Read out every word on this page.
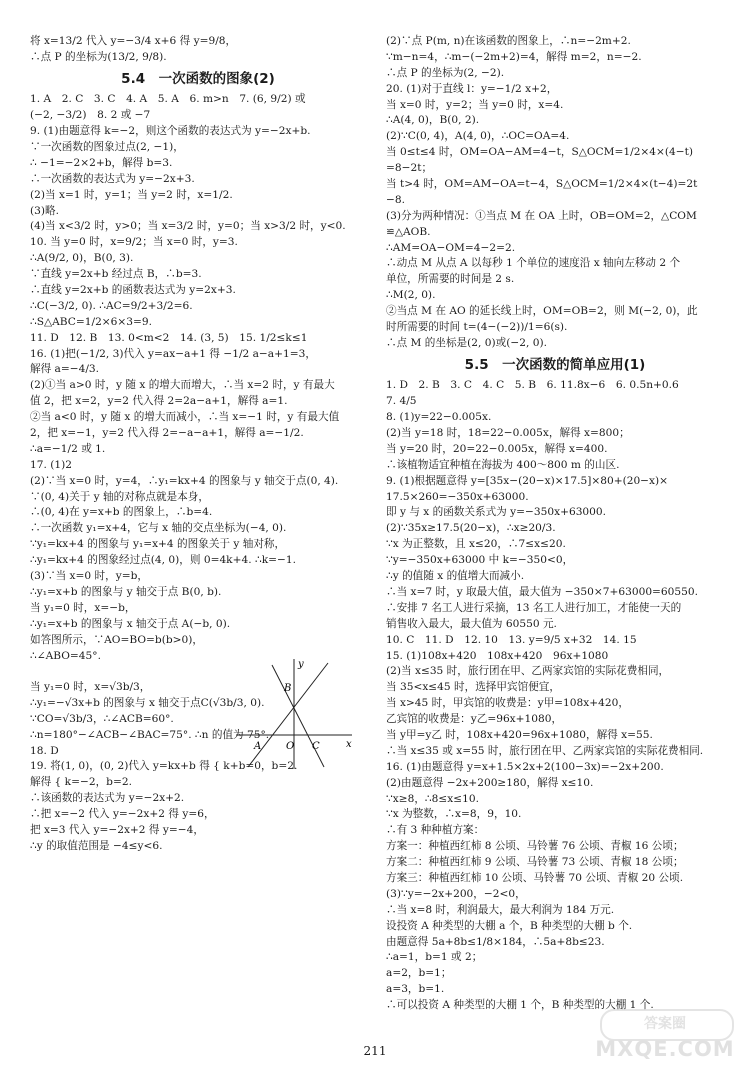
将 x=13/2 代入 y=−3/4 x+6 得 y=9/8，
∴点 P 的坐标为(13/2, 9/8).
5.4　一次函数的图象(2)
1. A　2. C　3. C　4. A　5. A　6. m>n　7. (6, 9/2) 或
(−2, −3/2)　8. 2 或 −7
9. (1)由题意得 k=−2，则这个函数的表达式为 y=−2x+b.
∵一次函数的图象过点(2, −1)，
∴ −1=−2×2+b，解得 b=3.
∴一次函数的表达式为 y=−2x+3.
(2)当 x=1 时，y=1；当 y=2 时，x=1/2.
(3)略.
(4)当 x<3/2 时，y>0；当 x=3/2 时，y=0；当 x>3/2 时，y<0.
10. 当 y=0 时，x=9/2；当 x=0 时，y=3.
∴A(9/2, 0)，B(0, 3).
∵直线 y=2x+b 经过点 B，∴b=3.
∴直线 y=2x+b 的函数表达式为 y=2x+3.
∴C(−3/2, 0). ∴AC=9/2+3/2=6.
∴S△ABC=1/2×6×3=9.
11. D　12. B　13. 0<m<2　14. (3, 5)　15. 1/2≤k≤1
16. (1)把(−1/2, 3)代入 y=ax−a+1 得 −1/2 a−a+1=3，
解得 a=−4/3.
(2)①当 a>0 时，y 随 x 的增大而增大，∴当 x=2 时，y 有最大
值 2，把 x=2，y=2 代入得 2=2a−a+1，解得 a=1.
②当 a<0 时，y 随 x 的增大而减小，∴当 x=−1 时，y 有最大值
2，把 x=−1，y=2 代入得 2=−a−a+1，解得 a=−1/2.
∴a=−1/2 或 1.
17. (1)2
(2)∵当 x=0 时，y=4，∴y₁=kx+4 的图象与 y 轴交于点(0, 4).
∵(0, 4)关于 y 轴的对称点就是本身，
∴(0, 4)在 y=x+b 的图象上，∴b=4.
∴一次函数 y₁=x+4，它与 x 轴的交点坐标为(−4, 0).
∵y₁=kx+4 的图象与 y₁=x+4 的图象关于 y 轴对称，
∴y₁=kx+4 的图象经过点(4, 0)，则 0=4k+4. ∴k=−1.
(3)∵当 x=0 时，y=b，
∴y₁=x+b 的图象与 y 轴交于点 B(0, b).
当 y₁=0 时，x=−b，
∴y₁=x+b 的图象与 x 轴交于点 A(−b, 0).
如答图所示，∵AO=BO=b(b>0)，
∴∠ABO=45°.
当 y₁=0 时，x=√3b/3，
∴y₁=−√3x+b 的图象与 x 轴交于点C(√3b/3, 0).
∵CO=√3b/3，∴∠ACB=60°.
∴n=180°−∠ACB−∠BAC=75°. ∴n 的值为 75°.
18. D
19. 将(1, 0)，(0, 2)代入 y=kx+b 得 { k+b=0，b=2.
解得 { k=−2，b=2.
∴该函数的表达式为 y=−2x+2.
∴把 x=−2 代入 y=−2x+2 得 y=6，
把 x=3 代入 y=−2x+2 得 y=−4，
∴y 的取值范围是 −4≤y<6.
(2)∵点 P(m, n)在该函数的图象上，∴n=−2m+2.
∵m−n=4，∴m−(−2m+2)=4，解得 m=2，n=−2.
∴点 P 的坐标为(2, −2).
20. (1)对于直线 l：y=−1/2 x+2，
当 x=0 时，y=2；当 y=0 时，x=4.
∴A(4, 0)，B(0, 2).
(2)∵C(0, 4)，A(4, 0)，∴OC=OA=4.
当 0≤t≤4 时，OM=OA−AM=4−t，S△OCM=1/2×4×(4−t)
=8−2t；
当 t>4 时，OM=AM−OA=t−4，S△OCM=1/2×4×(t−4)=2t
−8.
(3)分为两种情况：①当点 M 在 OA 上时，OB=OM=2，△COM
≌△AOB.
∴AM=OA−OM=4−2=2.
∴动点 M 从点 A 以每秒 1 个单位的速度沿 x 轴向左移动 2 个
单位，所需要的时间是 2 s.
∴M(2, 0).
②当点 M 在 AO 的延长线上时，OM=OB=2，则 M(−2, 0)，此
时所需要的时间 t=(4−(−2))/1=6(s).
∴点 M 的坐标是(2, 0)或(−2, 0).
5.5　一次函数的简单应用(1)
1. D　2. B　3. C　4. C　5. B　6. 11.8x−6　6. 0.5n+0.6
7. 4/5
8. (1)y=22−0.005x.
(2)当 y=18 时，18=22−0.005x，解得 x=800；
当 y=20 时，20=22−0.005x，解得 x=400.
∴该植物适宜种植在海拔为 400～800 m 的山区.
9. (1)根据题意得 y=[35x−(20−x)×17.5]×80+(20−x)×
17.5×260=−350x+63000.
即 y 与 x 的函数关系式为 y=−350x+63000.
(2)∵35x≥17.5(20−x)，∴x≥20/3.
∵x 为正整数，且 x≤20，∴7≤x≤20.
∵y=−350x+63000 中 k=−350<0，
∴y 的值随 x 的值增大而减小.
∴当 x=7 时，y 取最大值，最大值为 −350×7+63000=60550.
∴安排 7 名工人进行采摘，13 名工人进行加工，才能使一天的
销售收入最大，最大值为 60550 元.
10. C　11. D　12. 10　13. y=9/5 x+32　14. 15
15. (1)108x+420　108x+420　96x+1080
(2)当 x≤35 时，旅行团在甲、乙两家宾馆的实际花费相同，
当 35<x≤45 时，选择甲宾馆便宜，
当 x>45 时，甲宾馆的收费是：y甲=108x+420，
乙宾馆的收费是：y乙=96x+1080，
当 y甲=y乙 时，108x+420=96x+1080，解得 x=55.
∴当 x≤35 或 x=55 时，旅行团在甲、乙两家宾馆的实际花费相同.
16. (1)由题意得 y=x+1.5×2x+2(100−3x)=−2x+200.
(2)由题意得 −2x+200≥180，解得 x≤10.
∵x≥8，∴8≤x≤10.
∵x 为整数，∴x=8，9，10.
∴有 3 种种植方案：
方案一：种植西红柿 8 公顷、马铃薯 76 公顷、青椒 16 公顷；
方案二：种植西红柿 9 公顷、马铃薯 73 公顷、青椒 18 公顷；
方案三：种植西红柿 10 公顷、马铃薯 70 公顷、青椒 20 公顷.
(3)∵y=−2x+200，−2<0，
∴当 x=8 时，利润最大，最大利润为 184 万元.
设投资 A 种类型的大棚 a 个，B 种类型的大棚 b 个.
由题意得 5a+8b≤1/8×184，∴5a+8b≤23.
∴a=1，b=1 或 2；
a=2，b=1；
a=3，b=1.
∴可以投资 A 种类型的大棚 1 个，B 种类型的大棚 1 个.
y
x
B
A O C
211
答案圈
MXQE.COM
